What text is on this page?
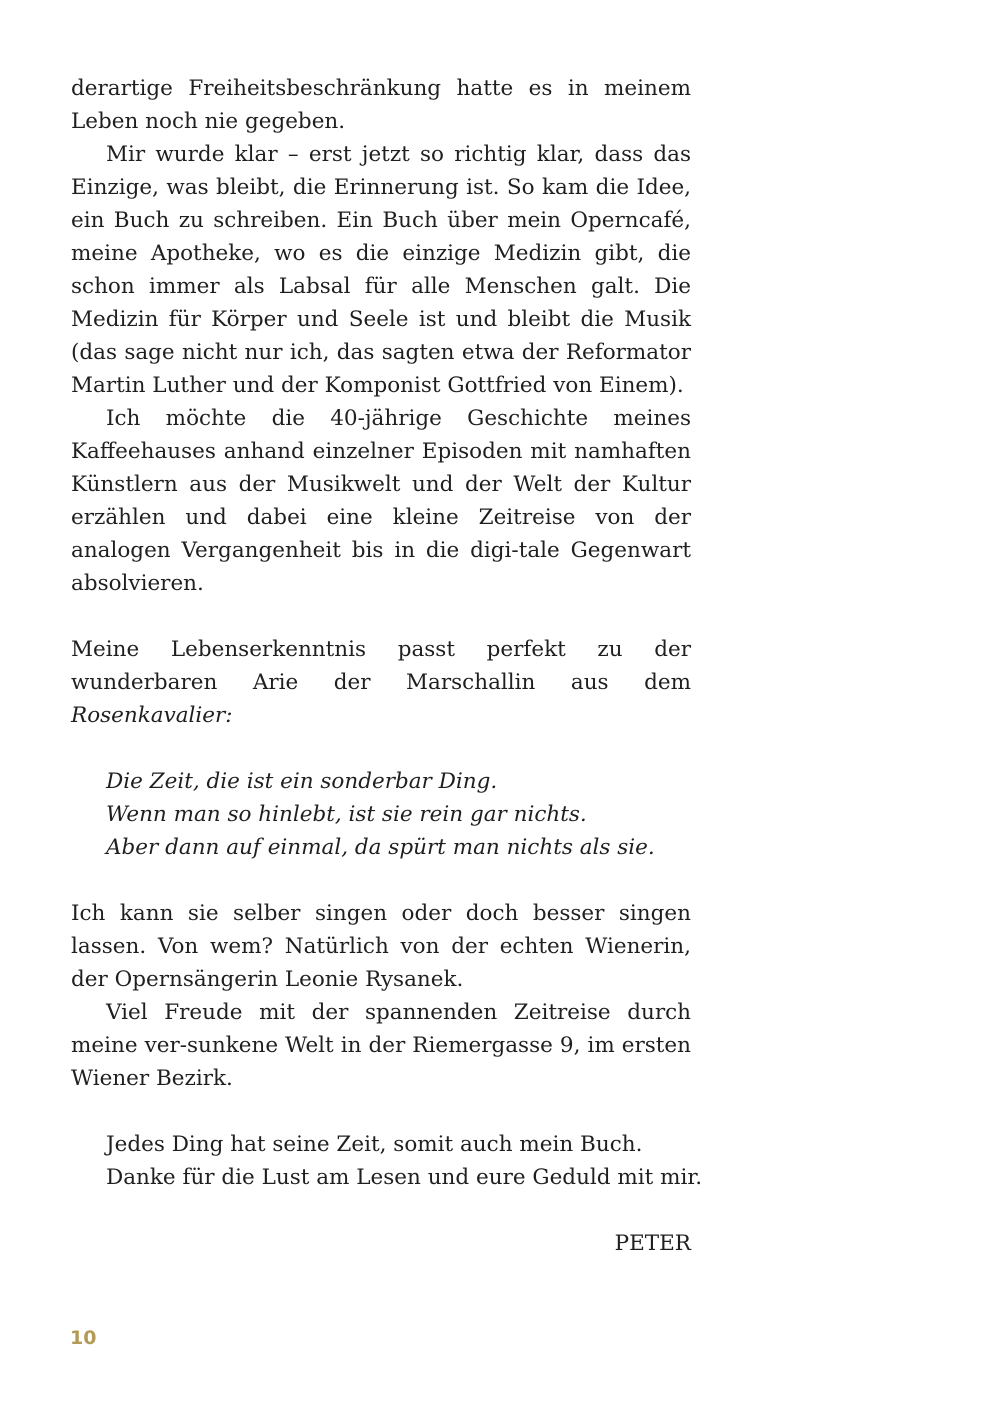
derartige Freiheitsbeschränkung hatte es in meinem Leben noch nie gegeben.

Mir wurde klar – erst jetzt so richtig klar, dass das Einzige, was bleibt, die Erinnerung ist. So kam die Idee, ein Buch zu schreiben. Ein Buch über mein Operncafé, meine Apotheke, wo es die einzige Medizin gibt, die schon immer als Labsal für alle Menschen galt. Die Medizin für Körper und Seele ist und bleibt die Musik (das sage nicht nur ich, das sagten etwa der Reformator Martin Luther und der Komponist Gottfried von Einem).

Ich möchte die 40-jährige Geschichte meines Kaffeehauses anhand einzelner Episoden mit namhaften Künstlern aus der Musikwelt und der Welt der Kultur erzählen und dabei eine kleine Zeitreise von der analogen Vergangenheit bis in die digi-tale Gegenwart absolvieren.

Meine Lebenserkenntnis passt perfekt zu der wunderbaren Arie der Marschallin aus dem Rosenkavalier:

Die Zeit, die ist ein sonderbar Ding.
Wenn man so hinlebt, ist sie rein gar nichts.
Aber dann auf einmal, da spürt man nichts als sie.

Ich kann sie selber singen oder doch besser singen lassen. Von wem? Natürlich von der echten Wienerin, der Opernsängerin Leonie Rysanek.

Viel Freude mit der spannenden Zeitreise durch meine ver-sunkene Welt in der Riemergasse 9, im ersten Wiener Bezirk.

Jedes Ding hat seine Zeit, somit auch mein Buch.
Danke für die Lust am Lesen und eure Geduld mit mir.
PETER
10
